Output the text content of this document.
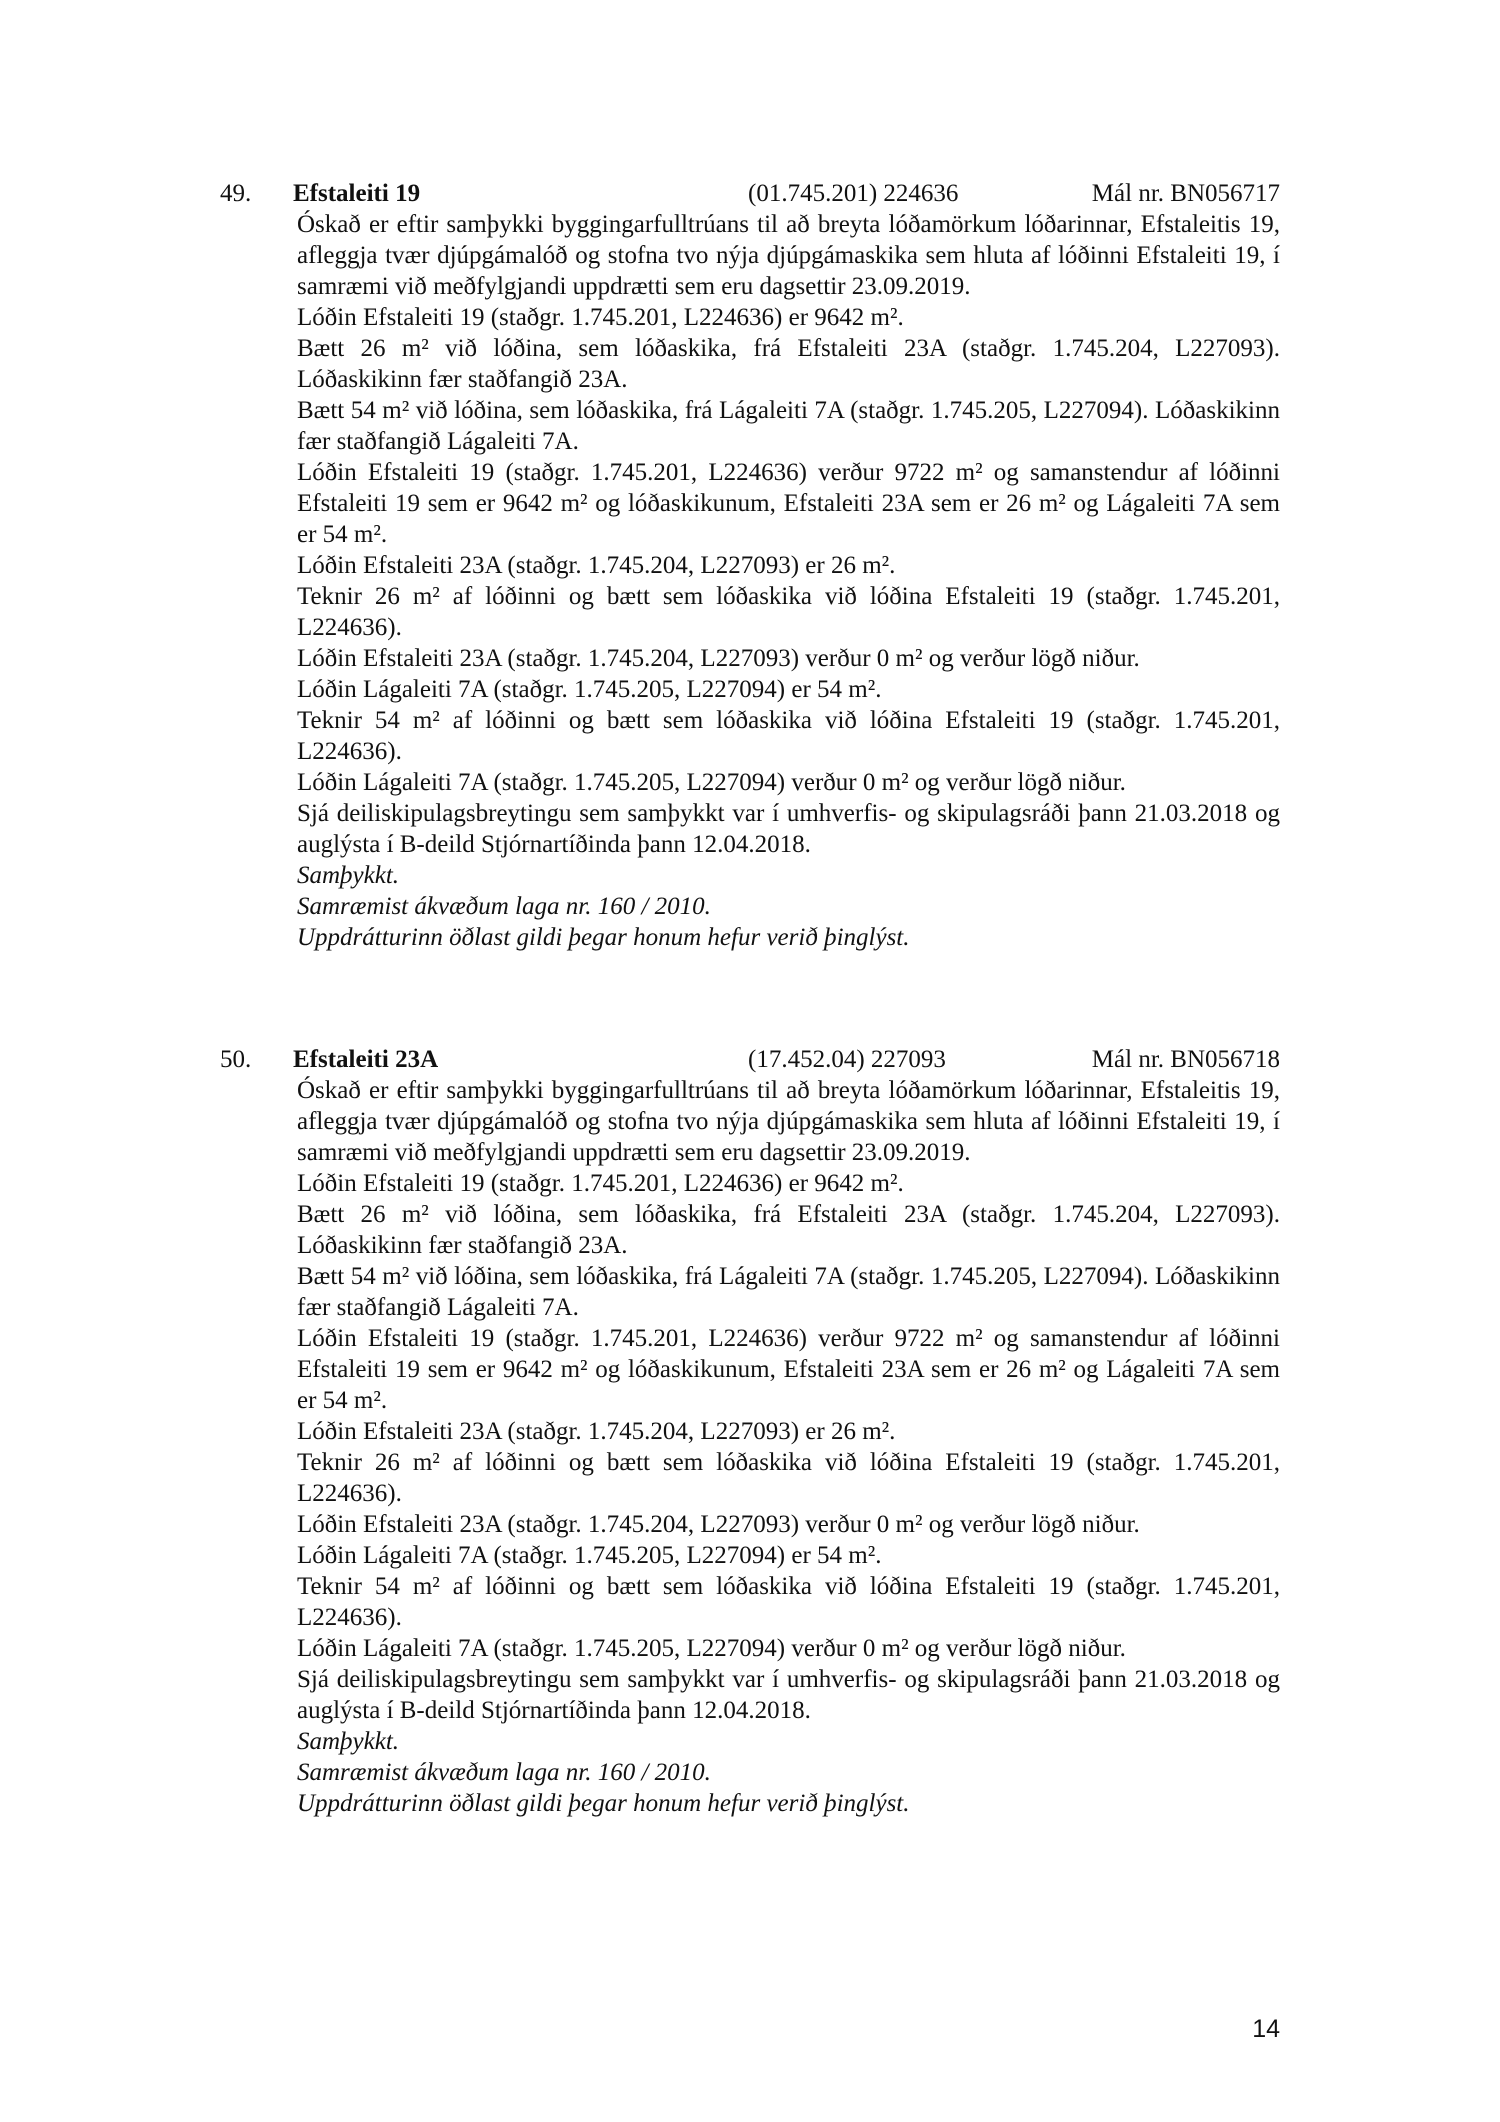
49. Efstaleiti 19	(01.745.201) 224636	Mál nr. BN056717

Óskað er eftir samþykki byggingarfulltrúans til að breyta lóðamörkum lóðarinnar, Efstaleitis 19, afleggja tvær djúpgámalóð og stofna tvo nýja djúpgámaskika sem hluta af lóðinni Efstaleiti 19, í samræmi við meðfylgjandi uppdrætti sem eru dagsettir 23.09.2019.

Lóðin Efstaleiti 19 (staðgr. 1.745.201, L224636) er 9642 m².

Bætt 26 m² við lóðina, sem lóðaskika, frá Efstaleiti 23A (staðgr. 1.745.204, L227093). Lóðaskikinn fær staðfangið 23A.

Bætt 54 m² við lóðina, sem lóðaskika, frá Lágaleiti 7A (staðgr. 1.745.205, L227094). Lóðaskikinn fær staðfangið Lágaleiti 7A.

Lóðin Efstaleiti 19 (staðgr. 1.745.201, L224636) verður 9722 m² og samanstendur af lóðinni Efstaleiti 19 sem er 9642 m² og lóðaskikunum, Efstaleiti 23A sem er 26 m² og Lágaleiti 7A sem er 54 m².

Lóðin Efstaleiti 23A (staðgr. 1.745.204, L227093) er 26 m².

Teknir 26 m² af lóðinni og bætt sem lóðaskika við lóðina Efstaleiti 19 (staðgr. 1.745.201, L224636).

Lóðin Efstaleiti 23A (staðgr. 1.745.204, L227093) verður 0 m² og verður lögð niður.

Lóðin Lágaleiti 7A (staðgr. 1.745.205, L227094) er 54 m².

Teknir 54 m² af lóðinni og bætt sem lóðaskika við lóðina Efstaleiti 19 (staðgr. 1.745.201, L224636).

Lóðin Lágaleiti 7A (staðgr. 1.745.205, L227094) verður 0 m² og verður lögð niður.

Sjá deiliskipulagsbreytingu sem samþykkt var í umhverfis- og skipulagsráði þann 21.03.2018 og auglýsta í B-deild Stjórnartíðinda þann 12.04.2018.

Samþykkt.

Samræmist ákvæðum laga nr. 160 / 2010.

Uppdrátturinn öðlast gildi þegar honum hefur verið þinglýst.

50. Efstaleiti 23A	(17.452.04) 227093	Mál nr. BN056718

Óskað er eftir samþykki byggingarfulltrúans til að breyta lóðamörkum lóðarinnar, Efstaleitis 19, afleggja tvær djúpgámalóð og stofna tvo nýja djúpgámaskika sem hluta af lóðinni Efstaleiti 19, í samræmi við meðfylgjandi uppdrætti sem eru dagsettir 23.09.2019.

Lóðin Efstaleiti 19 (staðgr. 1.745.201, L224636) er 9642 m².

Bætt 26 m² við lóðina, sem lóðaskika, frá Efstaleiti 23A (staðgr. 1.745.204, L227093). Lóðaskikinn fær staðfangið 23A.

Bætt 54 m² við lóðina, sem lóðaskika, frá Lágaleiti 7A (staðgr. 1.745.205, L227094). Lóðaskikinn fær staðfangið Lágaleiti 7A.

Lóðin Efstaleiti 19 (staðgr. 1.745.201, L224636) verður 9722 m² og samanstendur af lóðinni Efstaleiti 19 sem er 9642 m² og lóðaskikunum, Efstaleiti 23A sem er 26 m² og Lágaleiti 7A sem er 54 m².

Lóðin Efstaleiti 23A (staðgr. 1.745.204, L227093) er 26 m².

Teknir 26 m² af lóðinni og bætt sem lóðaskika við lóðina Efstaleiti 19 (staðgr. 1.745.201, L224636).

Lóðin Efstaleiti 23A (staðgr. 1.745.204, L227093) verður 0 m² og verður lögð niður.

Lóðin Lágaleiti 7A (staðgr. 1.745.205, L227094) er 54 m².

Teknir 54 m² af lóðinni og bætt sem lóðaskika við lóðina Efstaleiti 19 (staðgr. 1.745.201, L224636).

Lóðin Lágaleiti 7A (staðgr. 1.745.205, L227094) verður 0 m² og verður lögð niður.

Sjá deiliskipulagsbreytingu sem samþykkt var í umhverfis- og skipulagsráði þann 21.03.2018 og auglýsta í B-deild Stjórnartíðinda þann 12.04.2018.

Samþykkt.

Samræmist ákvæðum laga nr. 160 / 2010.

Uppdrátturinn öðlast gildi þegar honum hefur verið þinglýst.

14
